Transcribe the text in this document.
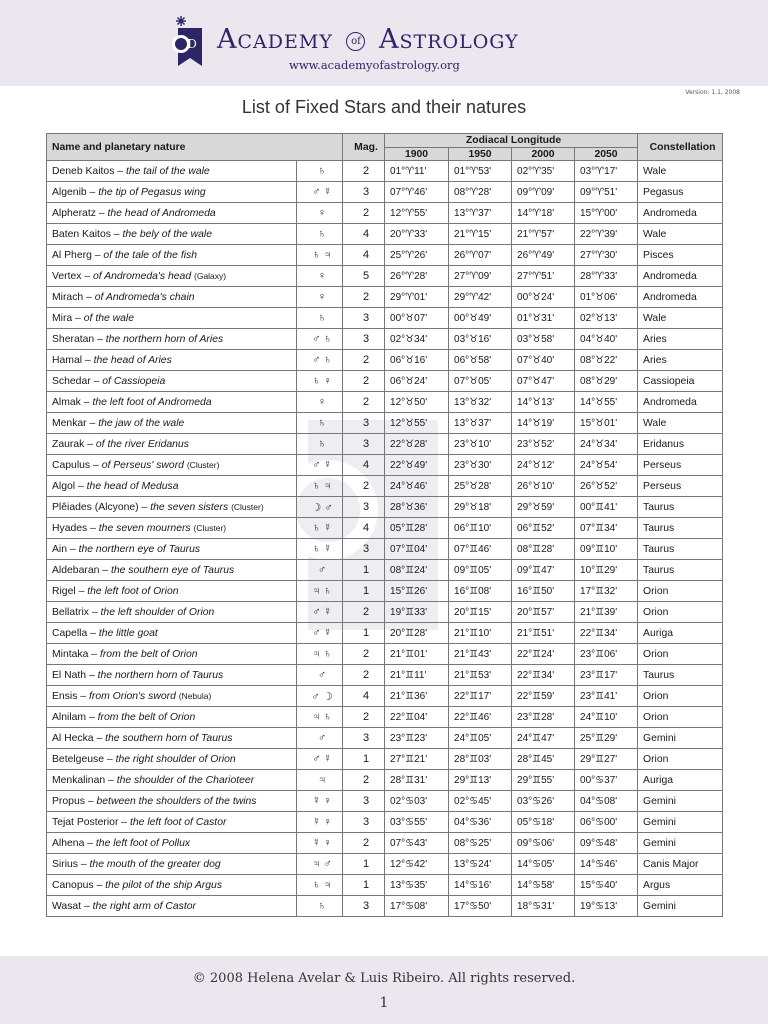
D Academy of Astrology
www.academyofastrology.org
Version: 1.1, 2008
List of Fixed Stars and their natures
Name and planetary nature		Mag.	Zodiacal Longitude				Constellation
			1900	1950	2000	2050	
Deneb Kaitos – the tail of the wale	♄	2	01°♈11'	01°♈53'	02°♈35'	03°♈17'	Wale
Algenib – the tip of Pegasus wing	♂ ☿	3	07°♈46'	08°♈28'	09°♈09'	09°♈51'	Pegasus
Alpheratz – the head of Andromeda	♀	2	12°♈55'	13°♈37'	14°♈18'	15°♈00'	Andromeda
Baten Kaitos – the bely of the wale	♄	4	20°♈33'	21°♈15'	21°♈57'	22°♈39'	Wale
Al Pherg – of the tale of the fish	♄ ♃	4	25°♈26'	26°♈07'	26°♈49'	27°♈30'	Pisces
Vertex – of Andromeda's head (Galaxy)	♀	5	26°♈28'	27°♈09'	27°♈51'	28°♈33'	Andromeda
Mirach – of Andromeda's chain	♀	2	29°♈01'	29°♈42'	00°♉24'	01°♉06'	Andromeda
Mira – of the wale	♄	3	00°♉07'	00°♉49'	01°♉31'	02°♉13'	Wale
Sheratan – the northern horn of Aries	♂ ♄	3	02°♉34'	03°♉16'	03°♉58'	04°♉40'	Aries
Hamal – the head of Aries	♂ ♄	2	06°♉16'	06°♉58'	07°♉40'	08°♉22'	Aries
Schedar – of Cassiopeia	♄ ♀	2	06°♉24'	07°♉05'	07°♉47'	08°♉29'	Cassiopeia
Almak – the left foot of Andromeda	♀	2	12°♉50'	13°♉32'	14°♉13'	14°♉55'	Andromeda
Menkar – the jaw of the wale	♄	3	12°♉55'	13°♉37'	14°♉19'	15°♉01'	Wale
Zaurak – of the river Eridanus	♄	3	22°♉28'	23°♉10'	23°♉52'	24°♉34'	Eridanus
Capulus – of Perseus' sword (Cluster)	♂ ☿	4	22°♉49'	23°♉30'	24°♉12'	24°♉54'	Perseus
Algol – the head of Medusa	♄ ♃	2	24°♉46'	25°♉28'	26°♉10'	26°♉52'	Perseus
Plêiades (Alcyone) – the seven sisters (Cluster)	☽ ♂	3	28°♉36'	29°♉18'	29°♉59'	00°♊41'	Taurus
Hyades – the seven mourners (Cluster)	♄ ☿	4	05°♊28'	06°♊10'	06°♊52'	07°♊34'	Taurus
Ain – the northern eye of Taurus	♄ ☿	3	07°♊04'	07°♊46'	08°♊28'	09°♊10'	Taurus
Aldebaran – the southern eye of Taurus	♂	1	08°♊24'	09°♊05'	09°♊47'	10°♊29'	Taurus
Rigel – the left foot of Orion	♃ ♄	1	15°♊26'	16°♊08'	16°♊50'	17°♊32'	Orion
Bellatrix – the left shoulder of Orion	♂ ☿	2	19°♊33'	20°♊15'	20°♊57'	21°♊39'	Orion
Capella – the little goat	♂ ☿	1	20°♊28'	21°♊10'	21°♊51'	22°♊34'	Auriga
Mintaka – from the belt of Orion	♃ ♄	2	21°♊01'	21°♊43'	22°♊24'	23°♊06'	Orion
El Nath – the northern horn of Taurus	♂	2	21°♊11'	21°♊53'	22°♊34'	23°♊17'	Taurus
Ensis – from Orion's sword (Nebula)	♂ ☽	4	21°♊36'	22°♊17'	22°♊59'	23°♊41'	Orion
Alnilam – from the belt of Orion	♃ ♄	2	22°♊04'	22°♊46'	23°♊28'	24°♊10'	Orion
Al Hecka – the southern horn of Taurus	♂	3	23°♊23'	24°♊05'	24°♊47'	25°♊29'	Gemini
Betelgeuse – the right shoulder of Orion	♂ ☿	1	27°♊21'	28°♊03'	28°♊45'	29°♊27'	Orion
Menkalinan – the shoulder of the Charioteer	♃	2	28°♊31'	29°♊13'	29°♊55'	00°♋37'	Auriga
Propus – between the shoulders of the twins	☿ ♀	3	02°♋03'	02°♋45'	03°♋26'	04°♋08'	Gemini
Tejat Posterior – the left foot of Castor	☿ ♀	3	03°♋55'	04°♋36'	05°♋18'	06°♋00'	Gemini
Alhena – the left foot of Pollux	☿ ♀	2	07°♋43'	08°♋25'	09°♋06'	09°♋48'	Gemini
Sirius – the mouth of the greater dog	♃ ♂	1	12°♋42'	13°♋24'	14°♋05'	14°♋46'	Canis Major
Canopus – the pilot of the ship Argus	♄ ♃	1	13°♋35'	14°♋16'	14°♋58'	15°♋40'	Argus
Wasat – the right arm of Castor	♄	3	17°♋08'	17°♋50'	18°♋31'	19°♋13'	Gemini
© 2008 Helena Avelar & Luis Ribeiro. All rights reserved.
1
